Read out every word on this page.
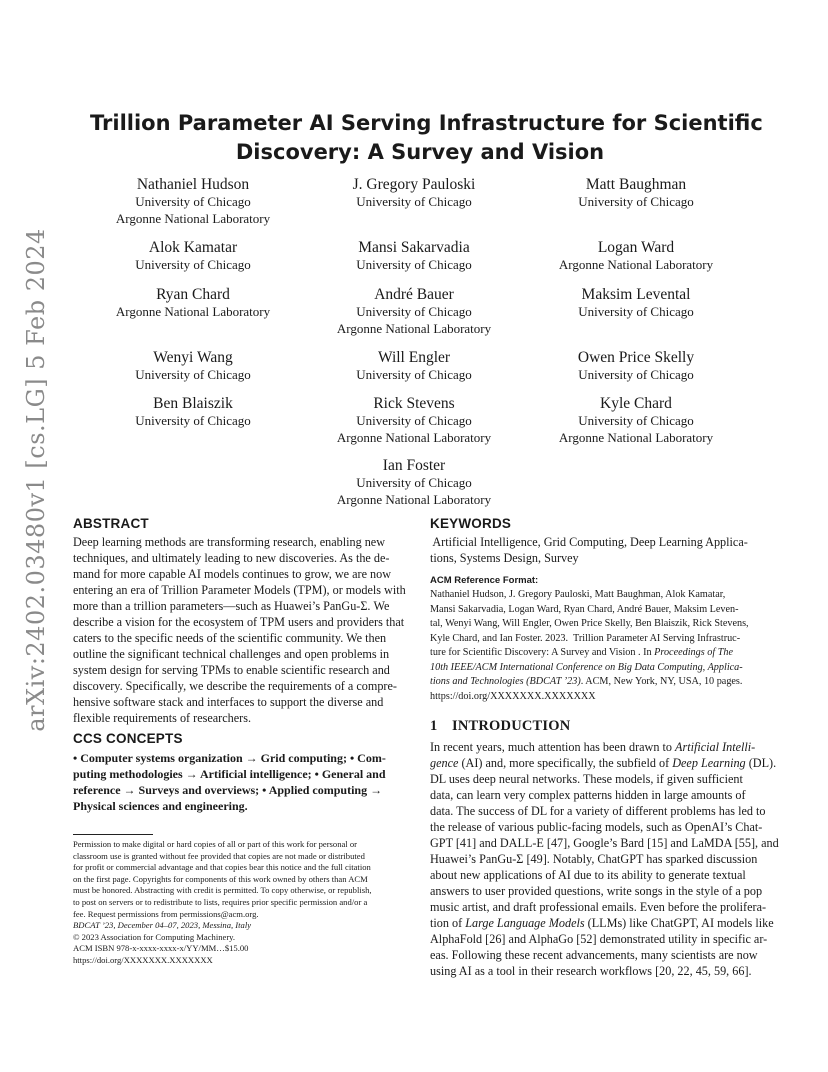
arXiv:2402.03480v1 [cs.LG] 5 Feb 2024
Trillion Parameter AI Serving Infrastructure for Scientific
Discovery: A Survey and Vision
Nathaniel Hudson
University of Chicago
Argonne National Laboratory
J. Gregory Pauloski
University of Chicago
Matt Baughman
University of Chicago
Alok Kamatar
University of Chicago
Mansi Sakarvadia
University of Chicago
Logan Ward
Argonne National Laboratory
Ryan Chard
Argonne National Laboratory
André Bauer
University of Chicago
Argonne National Laboratory
Maksim Levental
University of Chicago
Wenyi Wang
University of Chicago
Will Engler
University of Chicago
Owen Price Skelly
University of Chicago
Ben Blaiszik
University of Chicago
Rick Stevens
University of Chicago
Argonne National Laboratory
Kyle Chard
University of Chicago
Argonne National Laboratory
Ian Foster
University of Chicago
Argonne National Laboratory
ABSTRACT
Deep learning methods are transforming research, enabling new
techniques, and ultimately leading to new discoveries. As the de-
mand for more capable AI models continues to grow, we are now
entering an era of Trillion Parameter Models (TPM), or models with
more than a trillion parameters—such as Huawei’s PanGu-Σ. We
describe a vision for the ecosystem of TPM users and providers that
caters to the specific needs of the scientific community. We then
outline the significant technical challenges and open problems in
system design for serving TPMs to enable scientific research and
discovery. Specifically, we describe the requirements of a compre-
hensive software stack and interfaces to support the diverse and
flexible requirements of researchers.
CCS CONCEPTS
• Computer systems organization → Grid computing; • Com-
puting methodologies → Artificial intelligence; • General and
reference → Surveys and overviews; • Applied computing →
Physical sciences and engineering.
Permission to make digital or hard copies of all or part of this work for personal or
classroom use is granted without fee provided that copies are not made or distributed
for profit or commercial advantage and that copies bear this notice and the full citation
on the first page. Copyrights for components of this work owned by others than ACM
must be honored. Abstracting with credit is permitted. To copy otherwise, or republish,
to post on servers or to redistribute to lists, requires prior specific permission and/or a
fee. Request permissions from permissions@acm.org.
BDCAT ’23, December 04–07, 2023, Messina, Italy
© 2023 Association for Computing Machinery.
ACM ISBN 978-x-xxxx-xxxx-x/YY/MM…$15.00
https://doi.org/XXXXXXX.XXXXXXX
KEYWORDS
Artificial Intelligence, Grid Computing, Deep Learning Applica-
tions, Systems Design, Survey
ACM Reference Format:
Nathaniel Hudson, J. Gregory Pauloski, Matt Baughman, Alok Kamatar,
Mansi Sakarvadia, Logan Ward, Ryan Chard, André Bauer, Maksim Leven-
tal, Wenyi Wang, Will Engler, Owen Price Skelly, Ben Blaiszik, Rick Stevens,
Kyle Chard, and Ian Foster. 2023.  Trillion Parameter AI Serving Infrastruc-
ture for Scientific Discovery: A Survey and Vision . In Proceedings of The
10th IEEE/ACM International Conference on Big Data Computing, Applica-
tions and Technologies (BDCAT ’23). ACM, New York, NY, USA, 10 pages.
https://doi.org/XXXXXXX.XXXXXXX
1 INTRODUCTION
In recent years, much attention has been drawn to Artificial Intelli-
gence (AI) and, more specifically, the subfield of Deep Learning (DL).
DL uses deep neural networks. These models, if given sufficient
data, can learn very complex patterns hidden in large amounts of
data. The success of DL for a variety of different problems has led to
the release of various public-facing models, such as OpenAI’s Chat-
GPT [41] and DALL-E [47], Google’s Bard [15] and LaMDA [55], and
Huawei’s PanGu-Σ [49]. Notably, ChatGPT has sparked discussion
about new applications of AI due to its ability to generate textual
answers to user provided questions, write songs in the style of a pop
music artist, and draft professional emails. Even before the prolifera-
tion of Large Language Models (LLMs) like ChatGPT, AI models like
AlphaFold [26] and AlphaGo [52] demonstrated utility in specific ar-
eas. Following these recent advancements, many scientists are now
using AI as a tool in their research workflows [20, 22, 45, 59, 66].
